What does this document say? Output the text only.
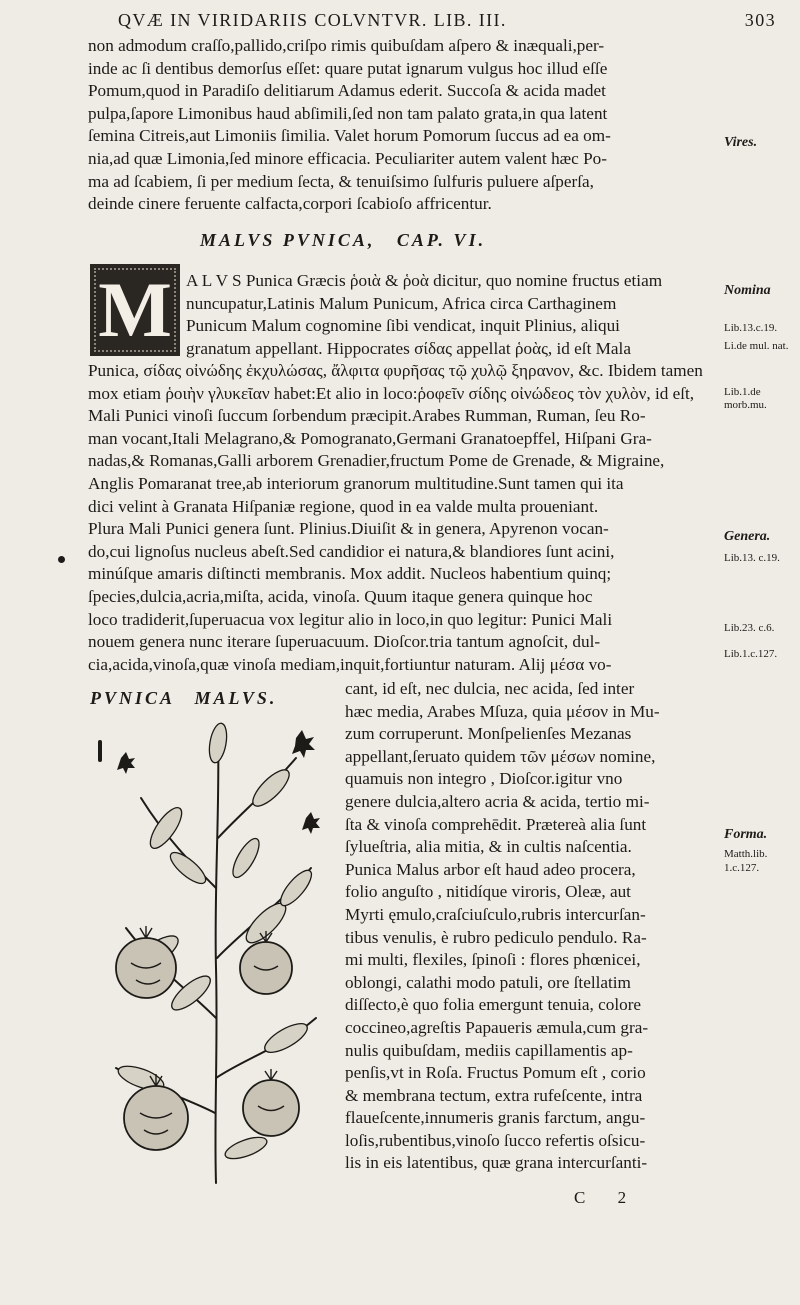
QVÆ IN VIRIDARIIS COLVNTVR. LIB. III.	303
non admodum craſſo,pallido,criſpo rimis quibuſdam aſpero & inæquali,per-
inde ac ſi dentibus demorſus eſſet: quare putat ignarum vulgus hoc illud eſſe
Pomum,quod in Paradiſo delitiarum Adamus ederit. Succoſa & acida madet
pulpa,ſapore Limonibus haud abſimili,ſed non tam palato grata,in qua latent
ſemina Citreis,aut Limoniis ſimilia. Valet horum Pomorum ſuccus ad ea om-
nia,ad quæ Limonia,ſed minore efficacia. Peculiariter autem valent hæc Po-
ma ad ſcabiem, ſi per medium ſecta, & tenuiſsimo ſulfuris puluere aſperſa,
deinde cinere feruente calfacta,corpori ſcabioſo affricentur.
MALVS PVNICA, CAP. VI.
M A L V S Punica Græcis ῥοιὰ & ῥοὰ dicitur, quo nomine fructus etiam
nuncupatur,Latinis Malum Punicum, Africa circa Carthaginem
Punicum Malum cognomine ſibi vendicat, inquit Plinius, aliqui
granatum appellant. Hippocrates σίδας appellat ῥοὰς, id eſt Mala
Punica, σίδας οἰνώδης ἐκχυλώσας, ἄλφιτα φυρῆσας τῷ χυλῷ ξηρανον, &c. Ibidem tamen
mox etiam ῥοιὴν γλυκεῖαν habet:Et alio in loco:ῥοφεῖν σίδης οἰνώδεος τὸν χυλὸν, id eſt,
Mali Punici vinoſi ſuccum ſorbendum præcipit.Arabes Rumman, Ruman, ſeu Ro-
man vocant,Itali Melagrano,& Pomogranato,Germani Granatoepffel, Hiſpani Gra-
nadas,& Romanas,Galli arborem Grenadier,fructum Pome de Grenade, & Migraine,
Anglis Pomaranat tree,ab interiorum granorum multitudine.Sunt tamen qui ita
dici velint à Granata Hiſpaniæ regione, quod in ea valde multa proueniant.
Plura Mali Punici genera ſunt. Plinius.Diuiſit & in genera, Apyrenon vocan-
do,cui lignoſus nucleus abeſt.Sed candidior ei natura,& blandiores ſunt acini,
minúſque amaris diſtincti membranis. Mox addit. Nucleos habentium quinq;
ſpecies,dulcia,acria,miſta, acida, vinoſa. Quum itaque genera quinque hoc
loco tradiderit,ſuperuacua vox legitur alio in loco,in quo legitur: Punici Mali
nouem genera nunc iterare ſuperuacuum. Dioſcor.tria tantum agnoſcit, dul-
cia,acida,vinoſa,quæ vinoſa mediam,inquit,fortiuntur naturam. Alij μέσα vo-
PVNICA MALVS.	cant, id eſt, nec dulcia, nec acida, ſed inter
hæc media, Arabes Mſuza, quia μέσον in Mu-
zum corruperunt. Monſpelienſes Mezanas
appellant,ſeruato quidem τῶν μέσων nomine,
quamuis non integro , Dioſcor.igitur vno
genere dulcia,altero acria & acida, tertio mi-
ſta & vinoſa comprehēdit. Prætereà alia ſunt
ſylueſtria, alia mitia, & in cultis naſcentia.
Punica Malus arbor eſt haud adeo procera,
folio anguſto , nitidíque viroris, Oleæ, aut
Myrti ęmulo,craſciuſculo,rubris intercurſan-
tibus venulis, è rubro pediculo pendulo. Ra-
mi multi, flexiles, ſpinoſi : flores phœnicei,
oblongi, calathi modo patuli, ore ſtellatim
diſſecto,è quo folia emergunt tenuia, colore
coccineo,agreſtis Papaueris æmula,cum gra-
nulis quibuſdam, mediis capillamentis ap-
penſis,vt in Roſa. Fructus Pomum eſt , corio
& membrana tectum, extra rufeſcente, intra
flaueſcente,innumeris granis farctum, angu-
loſis,rubentibus,vinoſo ſucco refertis oſsicu-
lis in eis latentibus, quæ grana intercurſanti-
C 2
Vires.
Nomina
Lib.13.c.19.
Li.de mul. nat.
Lib.1.de morb.mu.
Genera.
Lib.13. c.19.
Lib.23. c.6.
Lib.1.c.127.
Forma.
Matth.lib.
1.c.127.
